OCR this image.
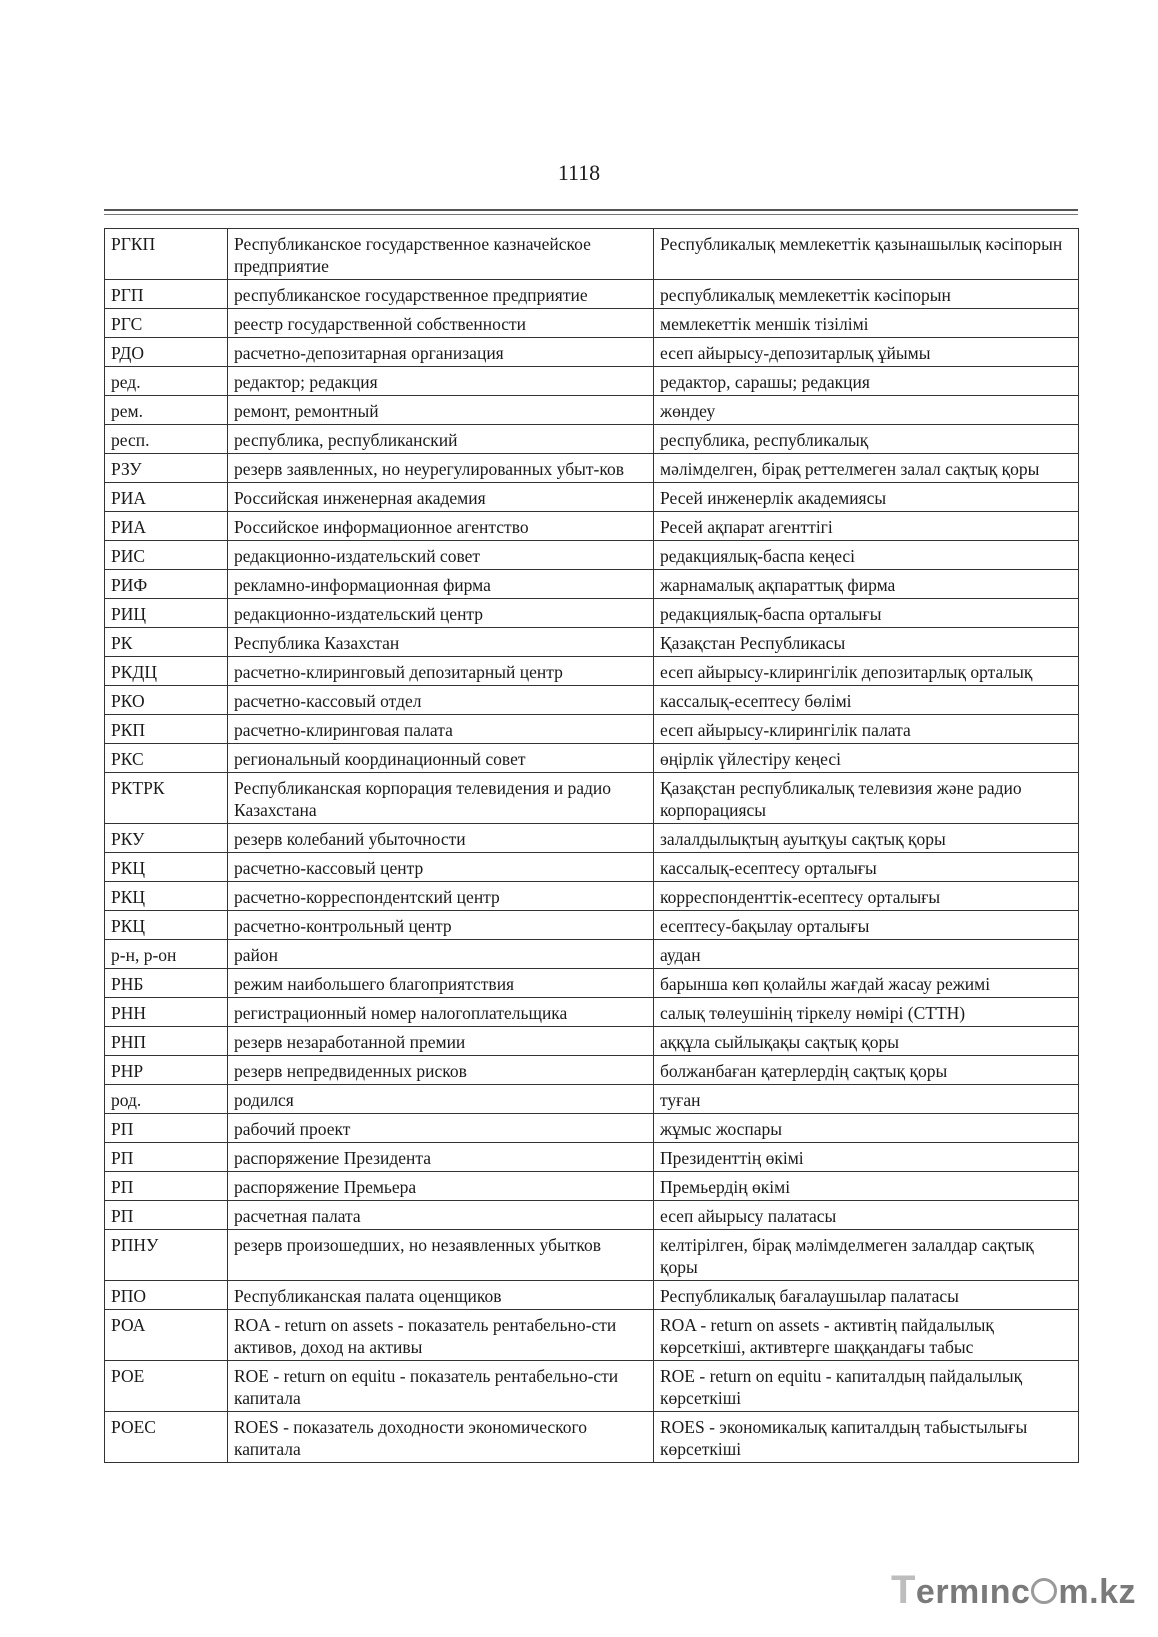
1118
РГКП	Республиканское государственное казначейское предприятие	Республикалық мемлекеттік қазынашылық кәсіпорын
РГП	республиканское государственное предприятие	республикалық мемлекеттік кәсіпорын
РГС	реестр государственной собственности	мемлекеттік меншік тізілімі
РДО	расчетно-депозитарная организация	есеп айырысу-депозитарлық ұйымы
ред.	редактор; редакция	редактор, сарашы; редакция
рем.	ремонт, ремонтный	жөндеу
респ.	республика, республиканский	республика, республикалық
РЗУ	резерв заявленных, но неурегулированных убыт-ков	мәлімделген, бірақ реттелмеген залал сақтық қоры
РИА	Российская инженерная академия	Ресей инженерлік академиясы
РИА	Российское информационное агентство	Ресей ақпарат агенттігі
РИС	редакционно-издательский совет	редакциялық-баспа кеңесі
РИФ	рекламно-информационная фирма	жарнамалық ақпараттық фирма
РИЦ	редакционно-издательский центр	редакциялық-баспа орталығы
РК	Республика Казахстан	Қазақстан Республикасы
РКДЦ	расчетно-клиринговый депозитарный центр	есеп айырысу-клирингілік депозитарлық орталық
РКО	расчетно-кассовый отдел	кассалық-есептесу бөлімі
РКП	расчетно-клиринговая палата	есеп айырысу-клирингілік палата
РКС	региональный координационный совет	өңірлік үйлестіру кеңесі
РКТРК	Республиканская корпорация телевидения и радио Казахстана	Қазақстан республикалық телевизия және радио корпорациясы
РКУ	резерв колебаний убыточности	залалдылықтың ауытқуы сақтық қоры
РКЦ	расчетно-кассовый центр	кассалық-есептесу орталығы
РКЦ	расчетно-корреспондентский центр	корреспонденттік-есептесу орталығы
РКЦ	расчетно-контрольный центр	есептесу-бақылау орталығы
р-н, р-он	район	аудан
РНБ	режим наибольшего благоприятствия	барынша көп қолайлы жағдай жасау режимі
РНН	регистрационный номер налогоплательщика	салық төлеушінің тіркелу нөмірі (СТТН)
РНП	резерв незаработанной премии	аққұла сыйлықақы сақтық қоры
РНР	резерв непредвиденных рисков	болжанбаған қатерлердің сақтық қоры
род.	родился	туған
РП	рабочий проект	жұмыс жоспары
РП	распоряжение Президента	Президенттің өкімі
РП	распоряжение Премьера	Премьердің өкімі
РП	расчетная палата	есеп айырысу палатасы
РПНУ	резерв произошедших, но незаявленных убытков	келтірілген, бірақ мәлімделмеген залалдар сақтық қоры
РПО	Республиканская палата оценщиков	Республикалық бағалаушылар палатасы
РОА	ROA - return on assets - показатель рентабельно-сти активов, доход на активы	ROA - return on assets - активтің пайдалылық көрсеткіші, активтерге шаққандағы табыс
РОЕ	ROE - return on equitu - показатель рентабельно-сти капитала	ROE - return on equitu - капиталдың пайдалылық көрсеткіші
РОЕС	ROES - показатель доходности экономического капитала	ROES - экономикалық капиталдың табыстылығы көрсеткіші
Termınc m.kz
